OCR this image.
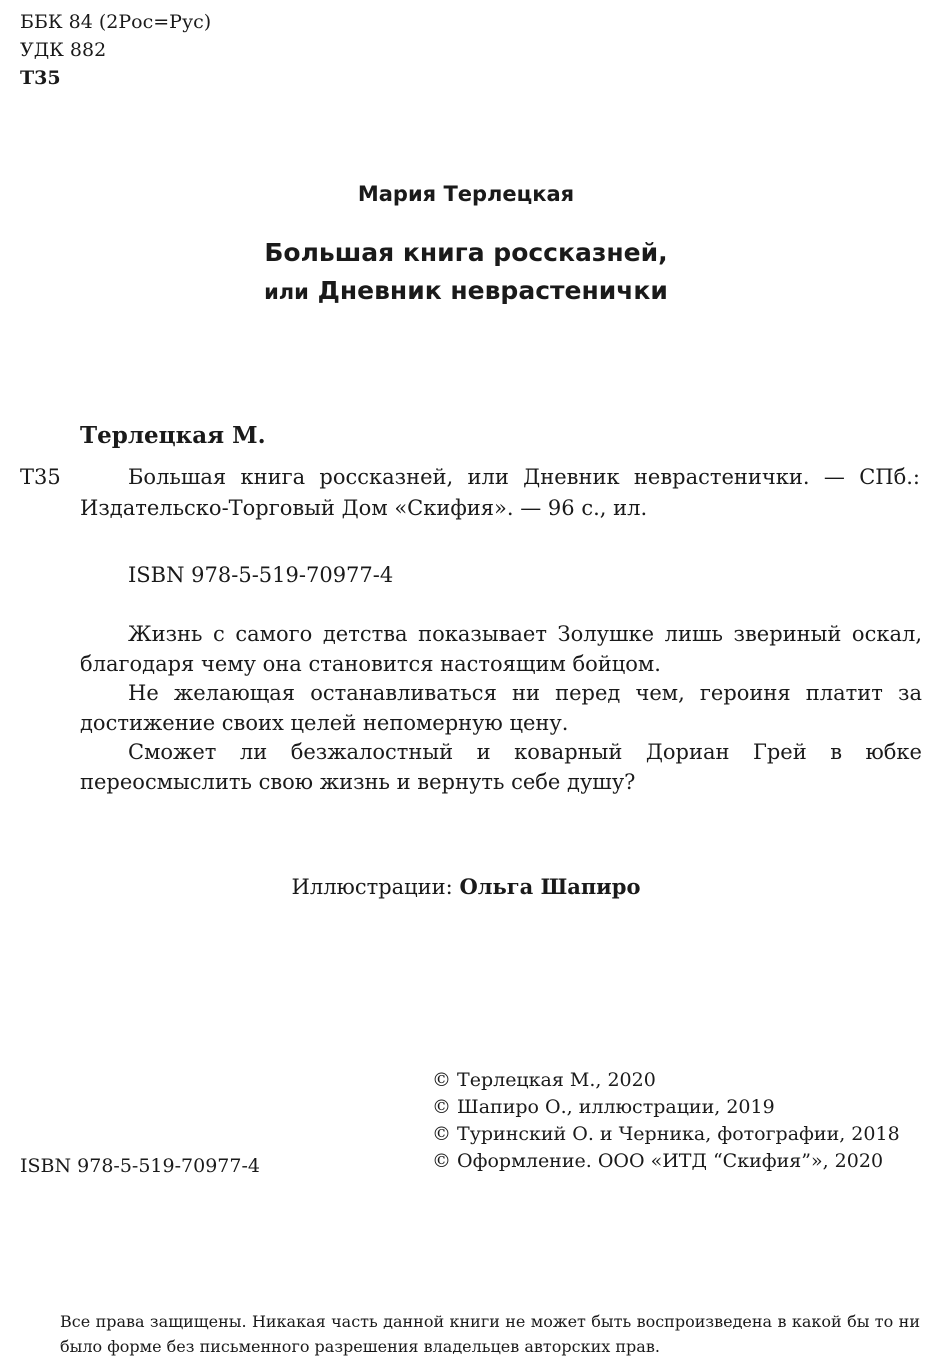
ББК 84 (2Рос=Рус)
УДК 882
Т35
Мария Терлецкая
Большая книга россказней,
или Дневник неврастенички
Терлецкая М.
Т35	Большая книга россказней, или Дневник неврастенички. — СПб.: Издательско-Торговый Дом «Скифия». — 96 с., ил.

ISBN 978-5-519-70977-4

Жизнь с самого детства показывает Золушке лишь звериный оскал, благодаря чему она становится настоящим бойцом.

Не желающая останавливаться ни перед чем, героиня платит за достижение своих целей непомерную цену.

Сможет ли безжалостный и коварный Дориан Грей в юбке переосмыслить свою жизнь и вернуть себе душу?

Иллюстрации: Ольга Шапиро
© Терлецкая М., 2020
© Шапиро О., иллюстрации, 2019
© Туринский О. и Черника, фотографии, 2018
© Оформление. ООО «ИТД “Скифия”», 2020
ISBN 978-5-519-70977-4
Все права защищены. Никакая часть данной книги не может быть воспроизведена в какой бы то ни было форме без письменного разрешения владельцев авторских прав.
